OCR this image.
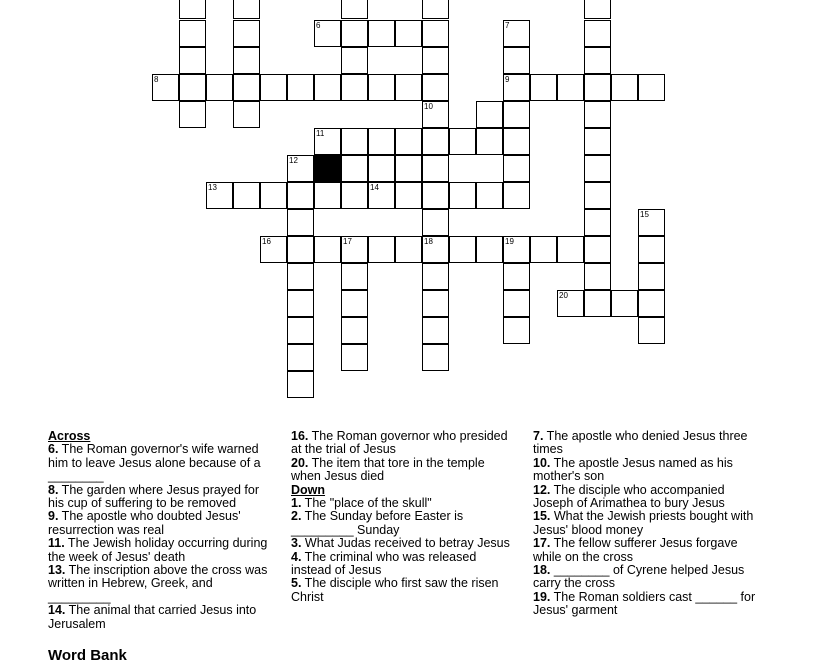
8
6
9
11
13	14
16	17	18	19
20
7
10
12
15

Across

6. The Roman governor's wife warned him to leave Jesus alone because of a ________

8. The garden where Jesus prayed for his cup of suffering to be removed

9. The apostle who doubted Jesus' resurrection was real

11. The Jewish holiday occurring during the week of Jesus' death

13. The inscription above the cross was written in Hebrew, Greek, and _________

14. The animal that carried Jesus into Jerusalem

16. The Roman governor who presided at the trial of Jesus

20. The item that tore in the temple when Jesus died

Down

1. The "place of the skull"

2. The Sunday before Easter is _________ Sunday

3. What Judas received to betray Jesus

4. The criminal who was released instead of Jesus

5. The disciple who first saw the risen Christ

7. The apostle who denied Jesus three times

10. The apostle Jesus named as his mother's son

12. The disciple who accompanied Joseph of Arimathea to bury Jesus

15. What the Jewish priests bought with Jesus' blood money

17. The fellow sufferer Jesus forgave while on the cross

18. ________ of Cyrene helped Jesus carry the cross

19. The Roman soldiers cast ______ for Jesus' garment

Word Bank
